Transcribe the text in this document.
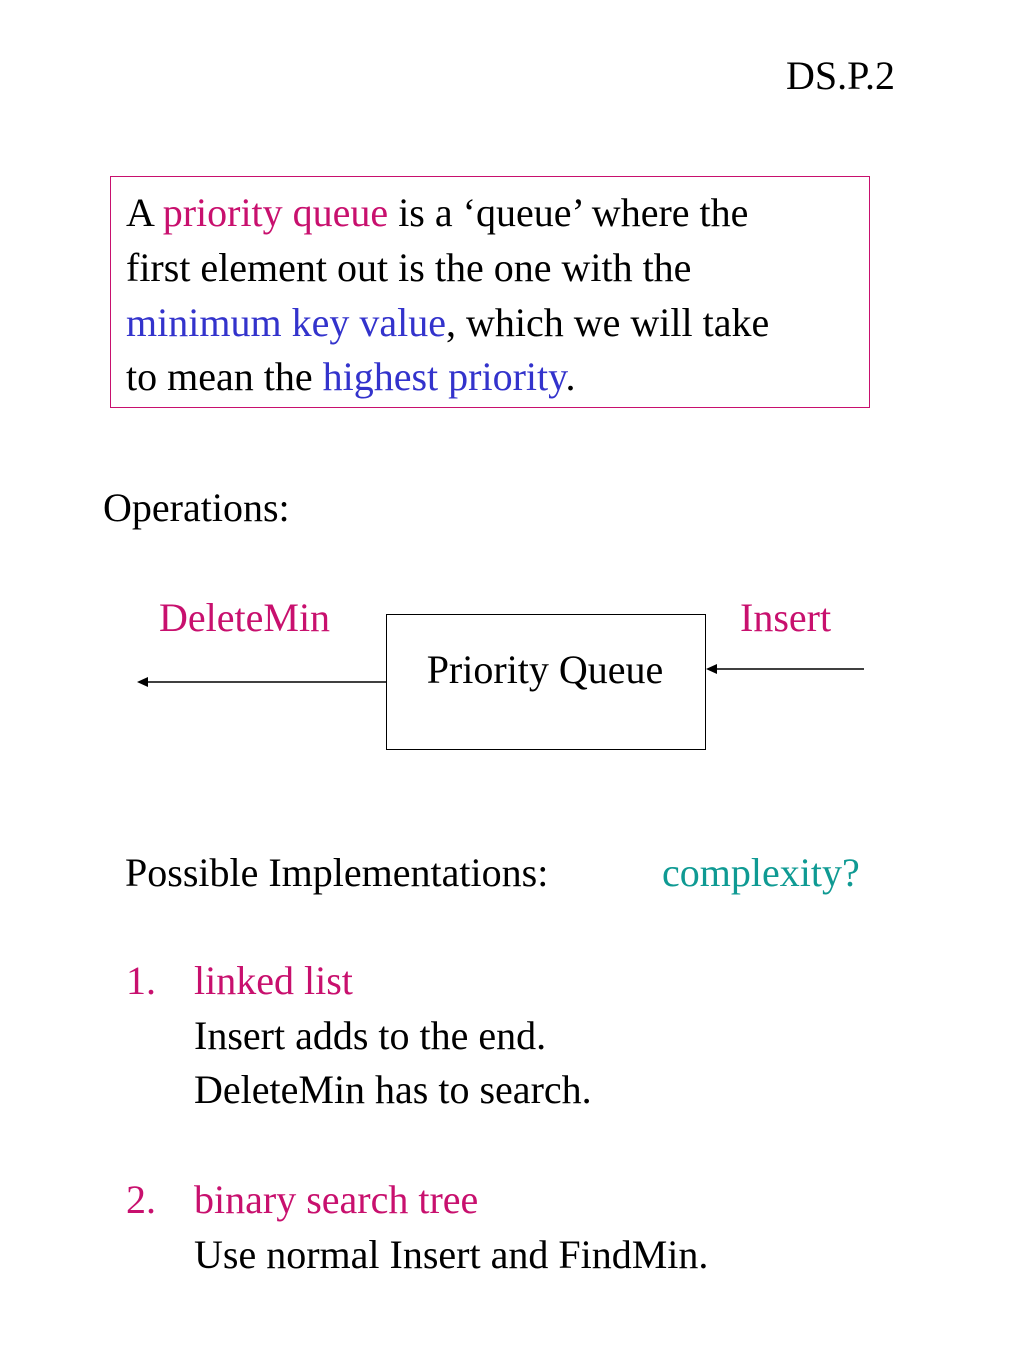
DS.P.2
A priority queue is a ‘queue’ where the
first element out is the one with the
minimum key value, which we will take
to mean the highest priority.
Operations:
DeleteMin	Insert
Priority Queue
Possible Implementations:	complexity?
1. linked list
Insert adds to the end.
DeleteMin has to search.
2. binary search tree
Use normal Insert and FindMin.
